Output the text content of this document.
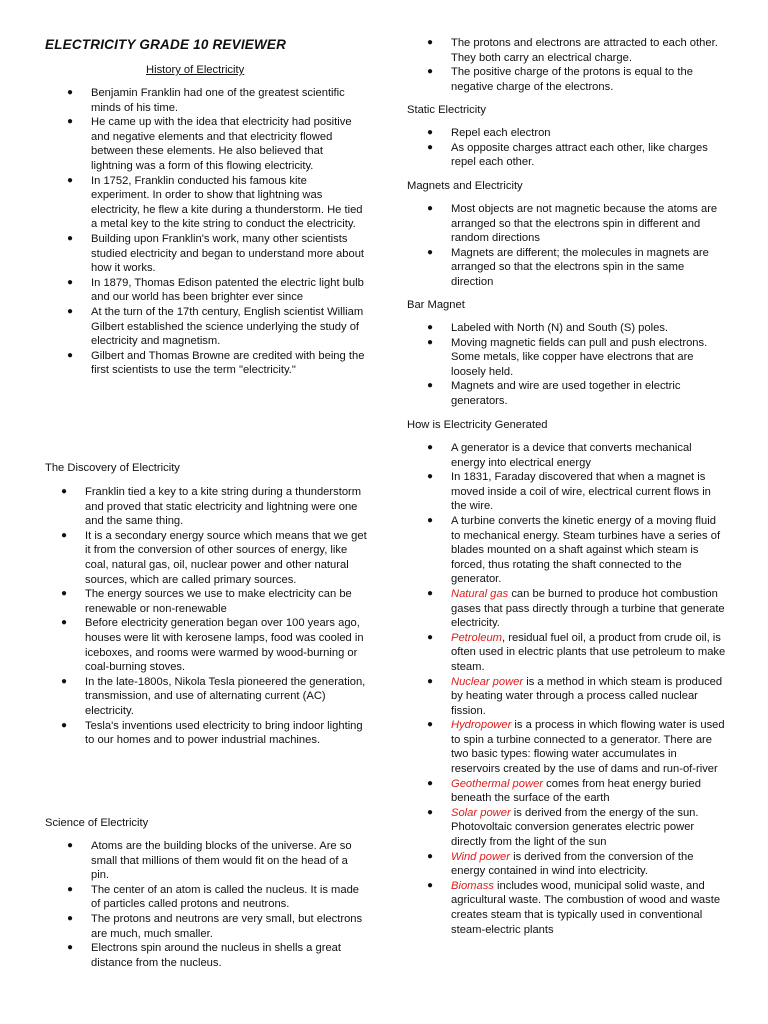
ELECTRICITY GRADE 10 REVIEWER
History of Electricity
● Benjamin Franklin had one of the greatest scientific minds of his time.
● He came up with the idea that electricity had positive and negative elements and that electricity flowed between these elements. He also believed that lightning was a form of this flowing electricity.
● In 1752, Franklin conducted his famous kite experiment. In order to show that lightning was electricity, he flew a kite during a thunderstorm. He tied a metal key to the kite string to conduct the electricity.
● Building upon Franklin's work, many other scientists studied electricity and began to understand more about how it works.
● In 1879, Thomas Edison patented the electric light bulb and our world has been brighter ever since
● At the turn of the 17th century, English scientist William Gilbert established the science underlying the study of electricity and magnetism.
● Gilbert and Thomas Browne are credited with being the first scientists to use the term "electricity."
The Discovery of Electricity
● Franklin tied a key to a kite string during a thunderstorm and proved that static electricity and lightning were one and the same thing.
● It is a secondary energy source which means that we get it from the conversion of other sources of energy, like coal, natural gas, oil, nuclear power and other natural sources, which are called primary sources.
● The energy sources we use to make electricity can be renewable or non-renewable
● Before electricity generation began over 100 years ago, houses were lit with kerosene lamps, food was cooled in iceboxes, and rooms were warmed by wood-burning or coal-burning stoves.
● In the late-1800s, Nikola Tesla pioneered the generation, transmission, and use of alternating current (AC) electricity.
● Tesla's inventions used electricity to bring indoor lighting to our homes and to power industrial machines.
Science of Electricity
● Atoms are the building blocks of the universe. Are so small that millions of them would fit on the head of a pin.
● The center of an atom is called the nucleus. It is made of particles called protons and neutrons.
● The protons and neutrons are very small, but electrons are much, much smaller.
● Electrons spin around the nucleus in shells a great distance from the nucleus.
● The protons and electrons are attracted to each other. They both carry an electrical charge.
● The positive charge of the protons is equal to the negative charge of the electrons.
Static Electricity
● Repel each electron
● As opposite charges attract each other, like charges repel each other.
Magnets and Electricity
● Most objects are not magnetic because the atoms are arranged so that the electrons spin in different and random directions
● Magnets are different; the molecules in magnets are arranged so that the electrons spin in the same direction
Bar Magnet
● Labeled with North (N) and South (S) poles.
● Moving magnetic fields can pull and push electrons. Some metals, like copper have electrons that are loosely held.
● Magnets and wire are used together in electric generators.
How is Electricity Generated
● A generator is a device that converts mechanical energy into electrical energy
● In 1831, Faraday discovered that when a magnet is moved inside a coil of wire, electrical current flows in the wire.
● A turbine converts the kinetic energy of a moving fluid to mechanical energy. Steam turbines have a series of blades mounted on a shaft against which steam is forced, thus rotating the shaft connected to the generator.
● Natural gas can be burned to produce hot combustion gases that pass directly through a turbine that generate electricity.
● Petroleum, residual fuel oil, a product from crude oil, is often used in electric plants that use petroleum to make steam.
● Nuclear power is a method in which steam is produced by heating water through a process called nuclear fission.
● Hydropower is a process in which flowing water is used to spin a turbine connected to a generator. There are two basic types: flowing water accumulates in reservoirs created by the use of dams and run-of-river
● Geothermal power comes from heat energy buried beneath the surface of the earth
● Solar power is derived from the energy of the sun. Photovoltaic conversion generates electric power directly from the light of the sun
● Wind power is derived from the conversion of the energy contained in wind into electricity.
● Biomass includes wood, municipal solid waste, and agricultural waste. The combustion of wood and waste creates steam that is typically used in conventional steam-electric plants
